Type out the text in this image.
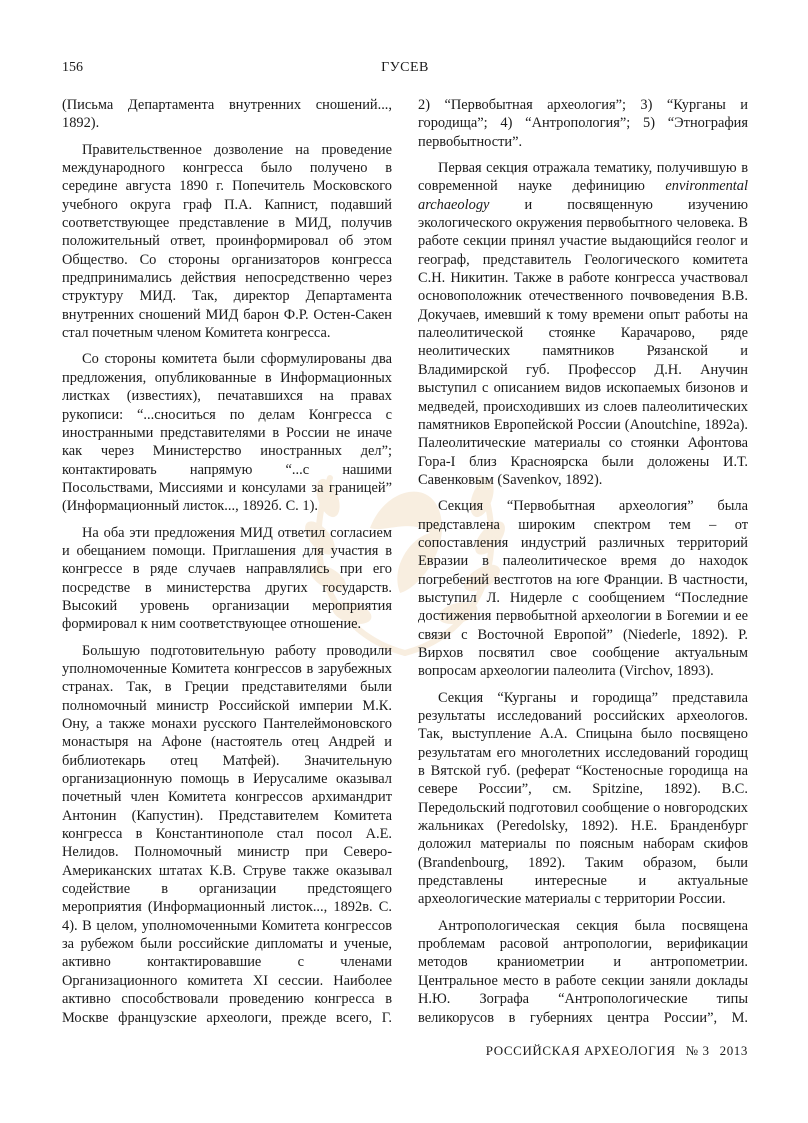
156	ГУСЕВ

(Письма Департамента внутренних сношений..., 1892).

Правительственное дозволение на проведение международного конгресса было получено в середине августа 1890 г. Попечитель Московского учебного округа граф П.А. Капнист, подавший соответствующее представление в МИД, получив положительный ответ, проинформировал об этом Общество. Со стороны организаторов конгресса предпринимались действия непосредственно через структуру МИД. Так, директор Департамента внутренних сношений МИД барон Ф.Р. Остен-Сакен стал почетным членом Комитета конгресса.

Со стороны комитета были сформулированы два предложения, опубликованные в Информационных листках (известиях), печатавшихся на правах рукописи: “...сноситься по делам Конгресса с иностранными представителями в России не иначе как через Министерство иностранных дел”; контактировать напрямую “...с нашими Посольствами, Миссиями и консулами за границей” (Информационный листок..., 1892б. С. 1).

На оба эти предложения МИД ответил согласием и обещанием помощи. Приглашения для участия в конгрессе в ряде случаев направлялись при его посредстве в министерства других государств. Высокий уровень организации мероприятия формировал к ним соответствующее отношение.

Большую подготовительную работу проводили уполномоченные Комитета конгрессов в зарубежных странах. Так, в Греции представителями были полномочный министр Российской империи М.К. Ону, а также монахи русского Пантелеймоновского монастыря на Афоне (настоятель отец Андрей и библиотекарь отец Матфей). Значительную организационную помощь в Иерусалиме оказывал почетный член Комитета конгрессов архимандрит Антонин (Капустин). Представителем Комитета конгресса в Константинополе стал посол А.Е. Нелидов. Полномочный министр при Северо-Американских штатах К.В. Струве также оказывал содействие в организации предстоящего мероприятия (Информационный листок..., 1892в. С. 4). В целом, уполномоченными Комитета конгрессов за рубежом были российские дипломаты и ученые, активно контактировавшие с членами Организационного комитета XI сессии. Наиболее активно способствовали проведению конгресса в Москве французские археологи, прежде всего, Г.

2) “Первобытная археология”; 3) “Курганы и городища”; 4) “Антропология”; 5) “Этнография первобытности”.

Первая секция отражала тематику, получившую в современной науке дефиницию environmental archaeology и посвященную изучению экологического окружения первобытного человека. В работе секции принял участие выдающийся геолог и географ, представитель Геологического комитета С.Н. Никитин. Также в работе конгресса участвовал основоположник отечественного почвоведения В.В. Докучаев, имевший к тому времени опыт работы на палеолитической стоянке Карачарово, ряде неолитических памятников Рязанской и Владимирской губ. Профессор Д.Н. Анучин выступил с описанием видов ископаемых бизонов и медведей, происходивших из слоев палеолитических памятников Европейской России (Anoutchine, 1892a). Палеолитические материалы со стоянки Афонтова Гора-I близ Красноярска были доложены И.Т. Савенковым (Savenkov, 1892).

Секция “Первобытная археология” была представлена широким спектром тем – от сопоставления индустрий различных территорий Евразии в палеолитическое время до находок погребений вестготов на юге Франции. В частности, выступил Л. Нидерле с сообщением “Последние достижения первобытной археологии в Богемии и ее связи с Восточной Европой” (Niederle, 1892). Р. Вирхов посвятил свое сообщение актуальным вопросам археологии палеолита (Virchov, 1893).

Секция “Курганы и городища” представила результаты исследований российских археологов. Так, выступление А.А. Спицына было посвящено результатам его многолетних исследований городищ в Вятской губ. (реферат “Костеносные городища на севере России”, см. Spitzine, 1892). В.С. Передольский подготовил сообщение о новгородских жальниках (Peredolsky, 1892). Н.Е. Бранденбург доложил материалы по поясным наборам скифов (Brandenbourg, 1892). Таким образом, были представлены интересные и актуальные археологические материалы с территории России.

Антропологическая секция была посвящена проблемам расовой антропологии, верификации методов краниометрии и антропометрии. Центральное место в работе секции заняли доклады Н.Ю. Зографа “Антропологические типы великорусов в губерниях центра России”, М.

РОССИЙСКАЯ АРХЕОЛОГИЯ № 3 2013
